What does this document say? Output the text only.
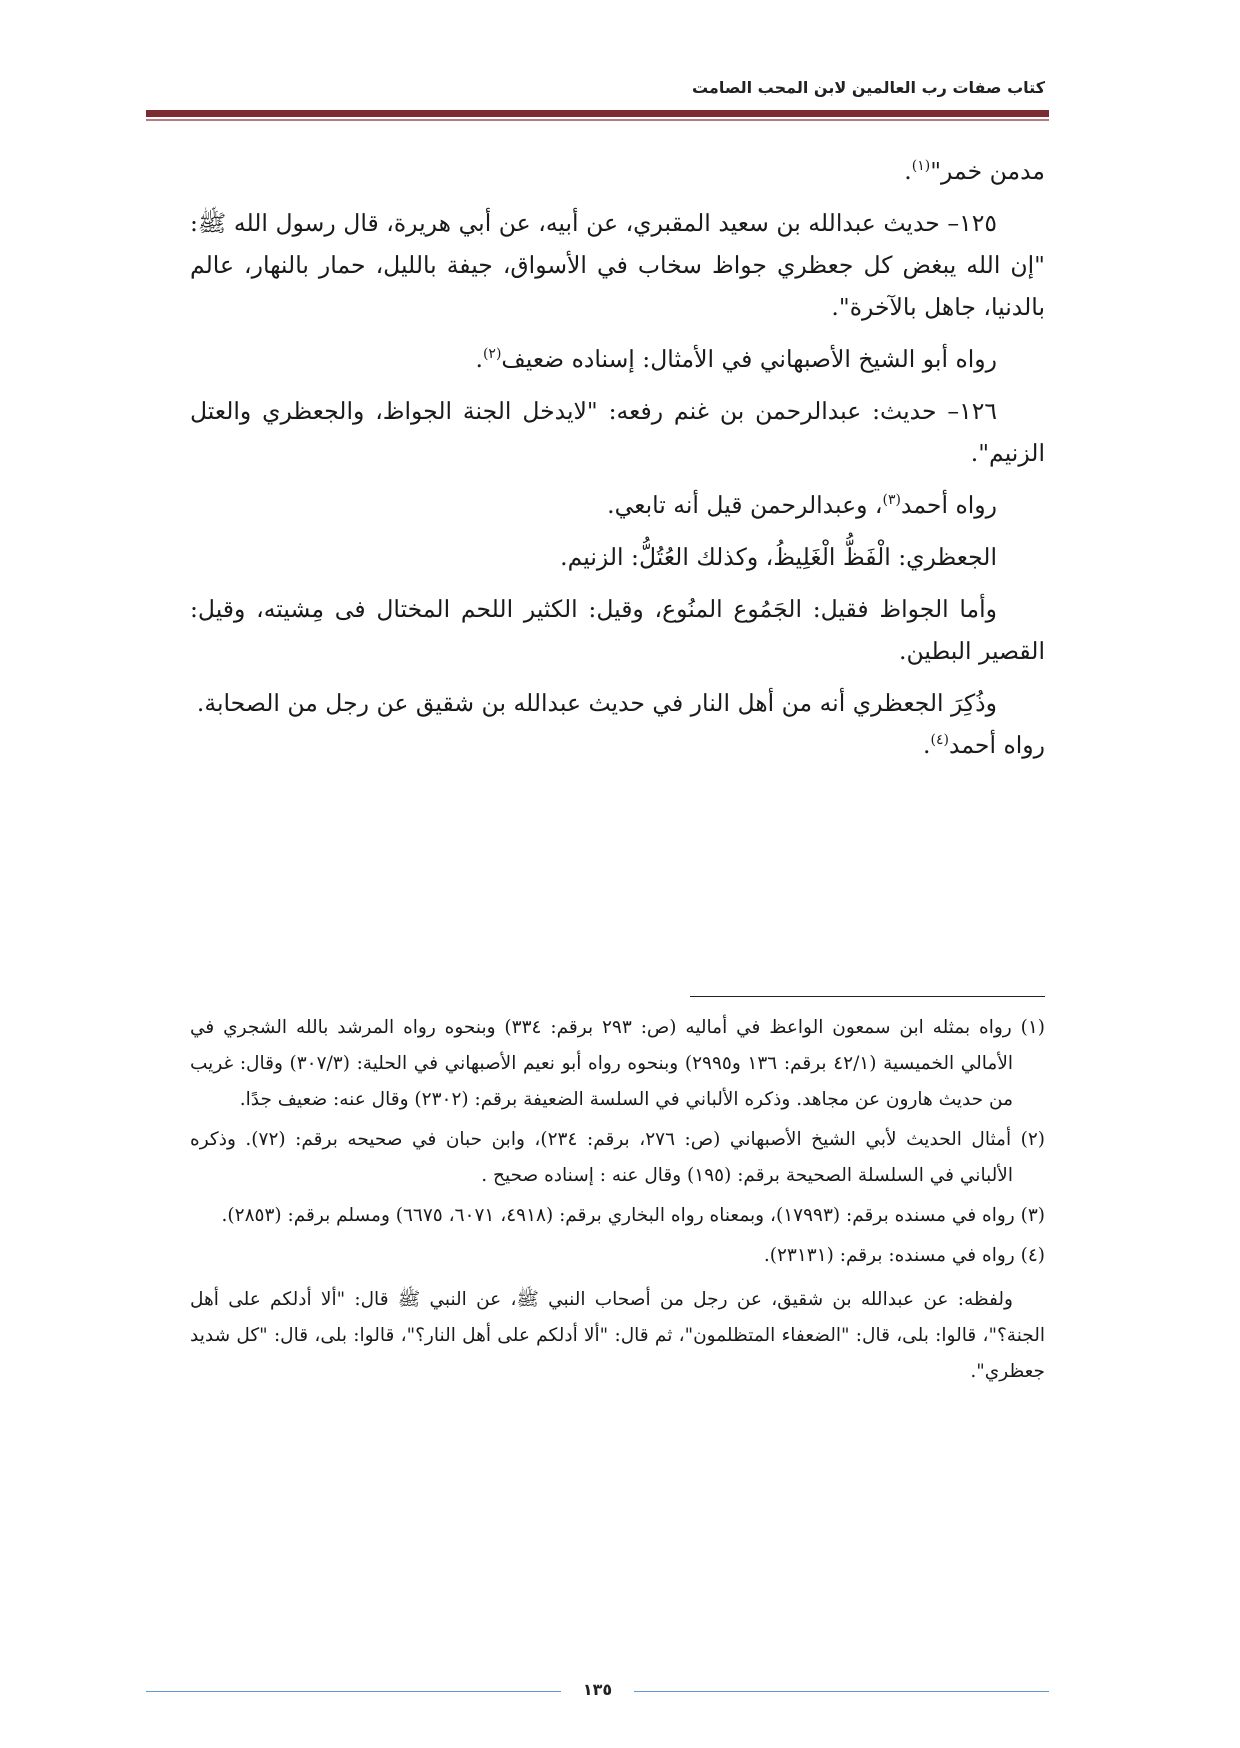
كتاب صفات رب العالمين لابن المحب الصامت

مدمن خمر"$^{(١)}$.

١٢٥– حديث عبدالله بن سعيد المقبري، عن أبيه، عن أبي هريرة، قال رسول الله ﷺ: "إن الله يبغض كل جعظري جواظ سخاب في الأسواق، جيفة بالليل، حمار بالنهار، عالم بالدنيا، جاهل بالآخرة".

رواه أبو الشيخ الأصبهاني في الأمثال: إسناده ضعيف$^{(٢)}$.

١٢٦– حديث: عبدالرحمن بن غنم رفعه: "لايدخل الجنة الجواظ، والجعظري والعتل الزنيم".

رواه أحمد$^{(٣)}$، وعبدالرحمن قيل أنه تابعي.

الجعظري: الْفَظُّ الْغَلِيظُ، وكذلك العُتُلُّ: الزنيم.

وأما الجواظ فقيل: الجَمُوع المنُوع، وقيل: الكثير اللحم المختال فى مِشيته، وقيل: القصير البطين.

وذُكِرَ الجعظري أنه من أهل النار في حديث عبدالله بن شقيق عن رجل من الصحابة.

رواه أحمد$^{(٤)}$.

(١) رواه بمثله ابن سمعون الواعظ في أماليه (ص: ٢٩٣ برقم: ٣٣٤) وبنحوه رواه المرشد بالله الشجري في الأمالي الخميسية (٤٢/١ برقم: ١٣٦ و٢٩٩٥) وبنحوه رواه أبو نعيم الأصبهاني في الحلية: (٣٠٧/٣) وقال: غريب من حديث هارون عن مجاهد. وذكره الألباني في السلسة الضعيفة برقم: (٢٣٠٢) وقال عنه: ضعيف جدًا.

(٢) أمثال الحديث لأبي الشيخ الأصبهاني (ص: ٢٧٦، برقم: ٢٣٤)، وابن حبان في صحيحه برقم: (٧٢). وذكره الألباني في السلسلة الصحيحة برقم: (١٩٥) وقال عنه : إسناده صحيح .

(٣) رواه في مسنده برقم: (١٧٩٩٣)، وبمعناه رواه البخاري برقم: (٤٩١٨، ٦٠٧١، ٦٦٧٥) ومسلم برقم: (٢٨٥٣).

(٤) رواه في مسنده: برقم: (٢٣١٣١).

ولفظه: عن عبدالله بن شقيق، عن رجل من أصحاب النبي ﷺ، عن النبي ﷺ قال: "ألا أدلكم على أهل الجنة؟"، قالوا: بلى، قال: "الضعفاء المتظلمون"، ثم قال: "ألا أدلكم على أهل النار؟"، قالوا: بلى، قال: "كل شديد جعظري".

١٣٥
